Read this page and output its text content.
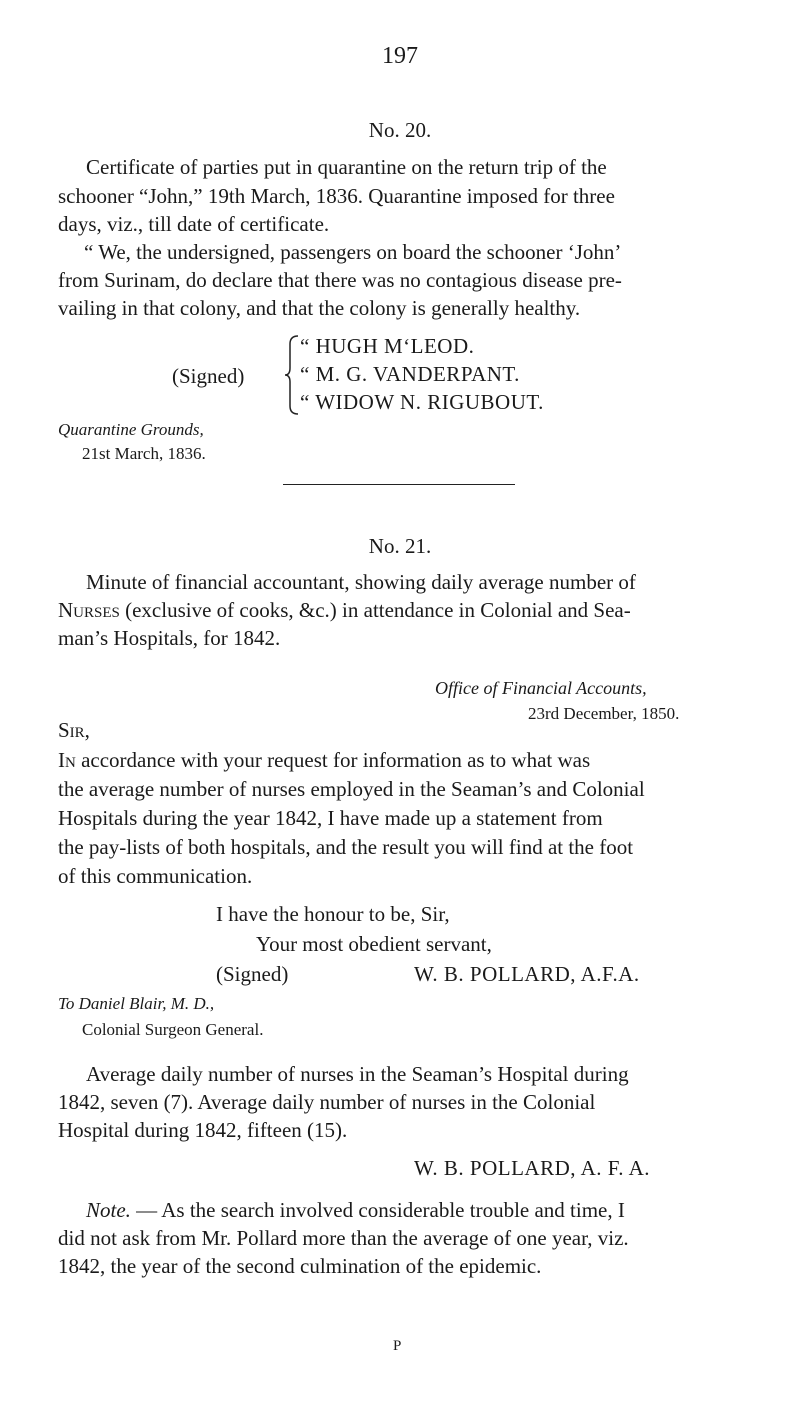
197
No. 20.
Certificate of parties put in quarantine on the return trip of the
schooner “John,” 19th March, 1836. Quarantine imposed for three
days, viz., till date of certificate.
“ We, the undersigned, passengers on board the schooner ‘John’
from Surinam, do declare that there was no contagious disease pre-
vailing in that colony, and that the colony is generally healthy.
(Signed)
“ HUGH M‘LEOD.
“ M. G. VANDERPANT.
“ WIDOW N. RIGUBOUT.
Quarantine Grounds,
21st March, 1836.
No. 21.
Minute of financial accountant, showing daily average number of
Nurses (exclusive of cooks, &c.) in attendance in Colonial and Sea-
man’s Hospitals, for 1842.
Office of Financial Accounts,
23rd December, 1850.
Sir,
In accordance with your request for information as to what was
the average number of nurses employed in the Seaman’s and Colonial
Hospitals during the year 1842, I have made up a statement from
the pay-lists of both hospitals, and the result you will find at the foot
of this communication.
I have the honour to be, Sir,
Your most obedient servant,
(Signed)	W. B. POLLARD, A.F.A.
To Daniel Blair, M. D.,
Colonial Surgeon General.
Average daily number of nurses in the Seaman’s Hospital during
1842, seven (7). Average daily number of nurses in the Colonial
Hospital during 1842, fifteen (15).
W. B. POLLARD, A. F. A.
Note. — As the search involved considerable trouble and time, I
did not ask from Mr. Pollard more than the average of one year, viz.
1842, the year of the second culmination of the epidemic.
P
